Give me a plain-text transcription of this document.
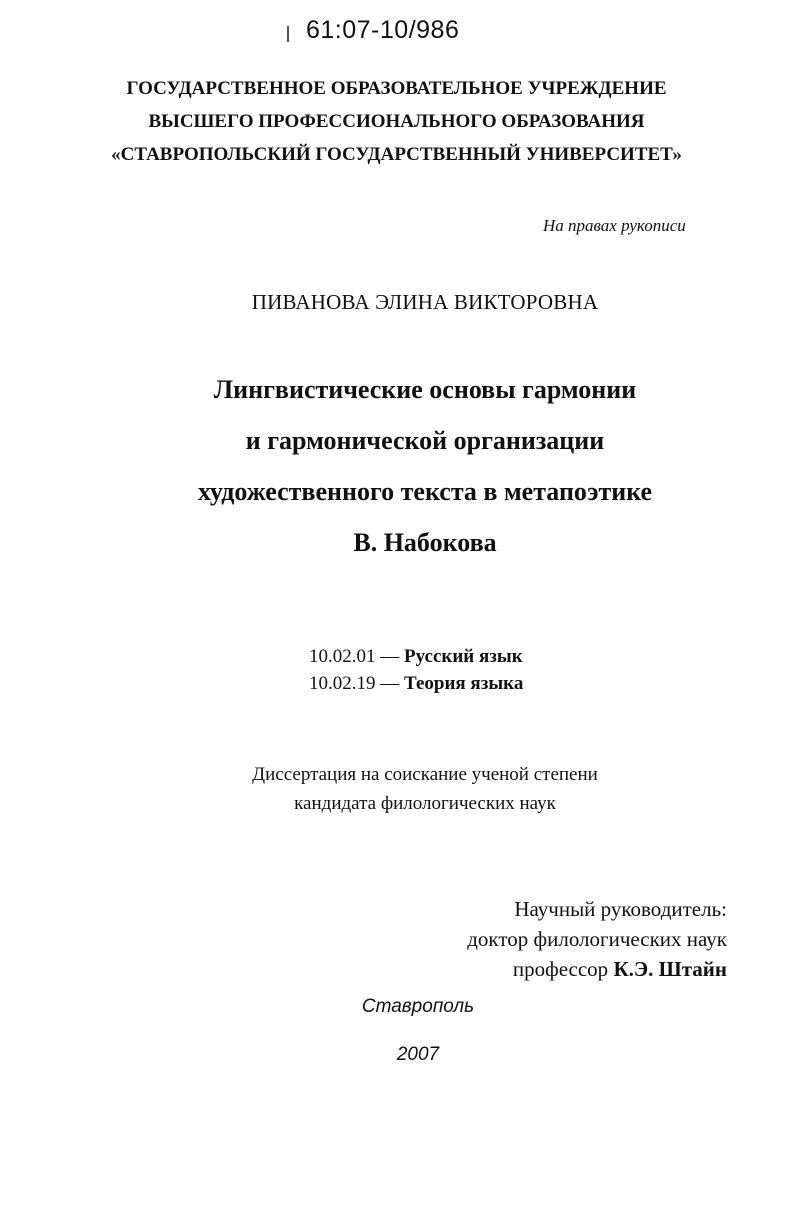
61:07-10/986
ГОСУДАРСТВЕННОЕ ОБРАЗОВАТЕЛЬНОЕ УЧРЕЖДЕНИЕ
ВЫСШЕГО ПРОФЕССИОНАЛЬНОГО ОБРАЗОВАНИЯ
«СТАВРОПОЛЬСКИЙ ГОСУДАРСТВЕННЫЙ УНИВЕРСИТЕТ»
На правах рукописи
ПИВАНОВА ЭЛИНА ВИКТОРОВНА
Лингвистические основы гармонии
и гармонической организации
художественного текста в метапоэтике
В. Набокова
10.02.01 — Русский язык
10.02.19 — Теория языка
Диссертация на соискание ученой степени
кандидата филологических наук
Научный руководитель:
доктор филологических наук
профессор К.Э. Штайн
Ставрополь
2007
